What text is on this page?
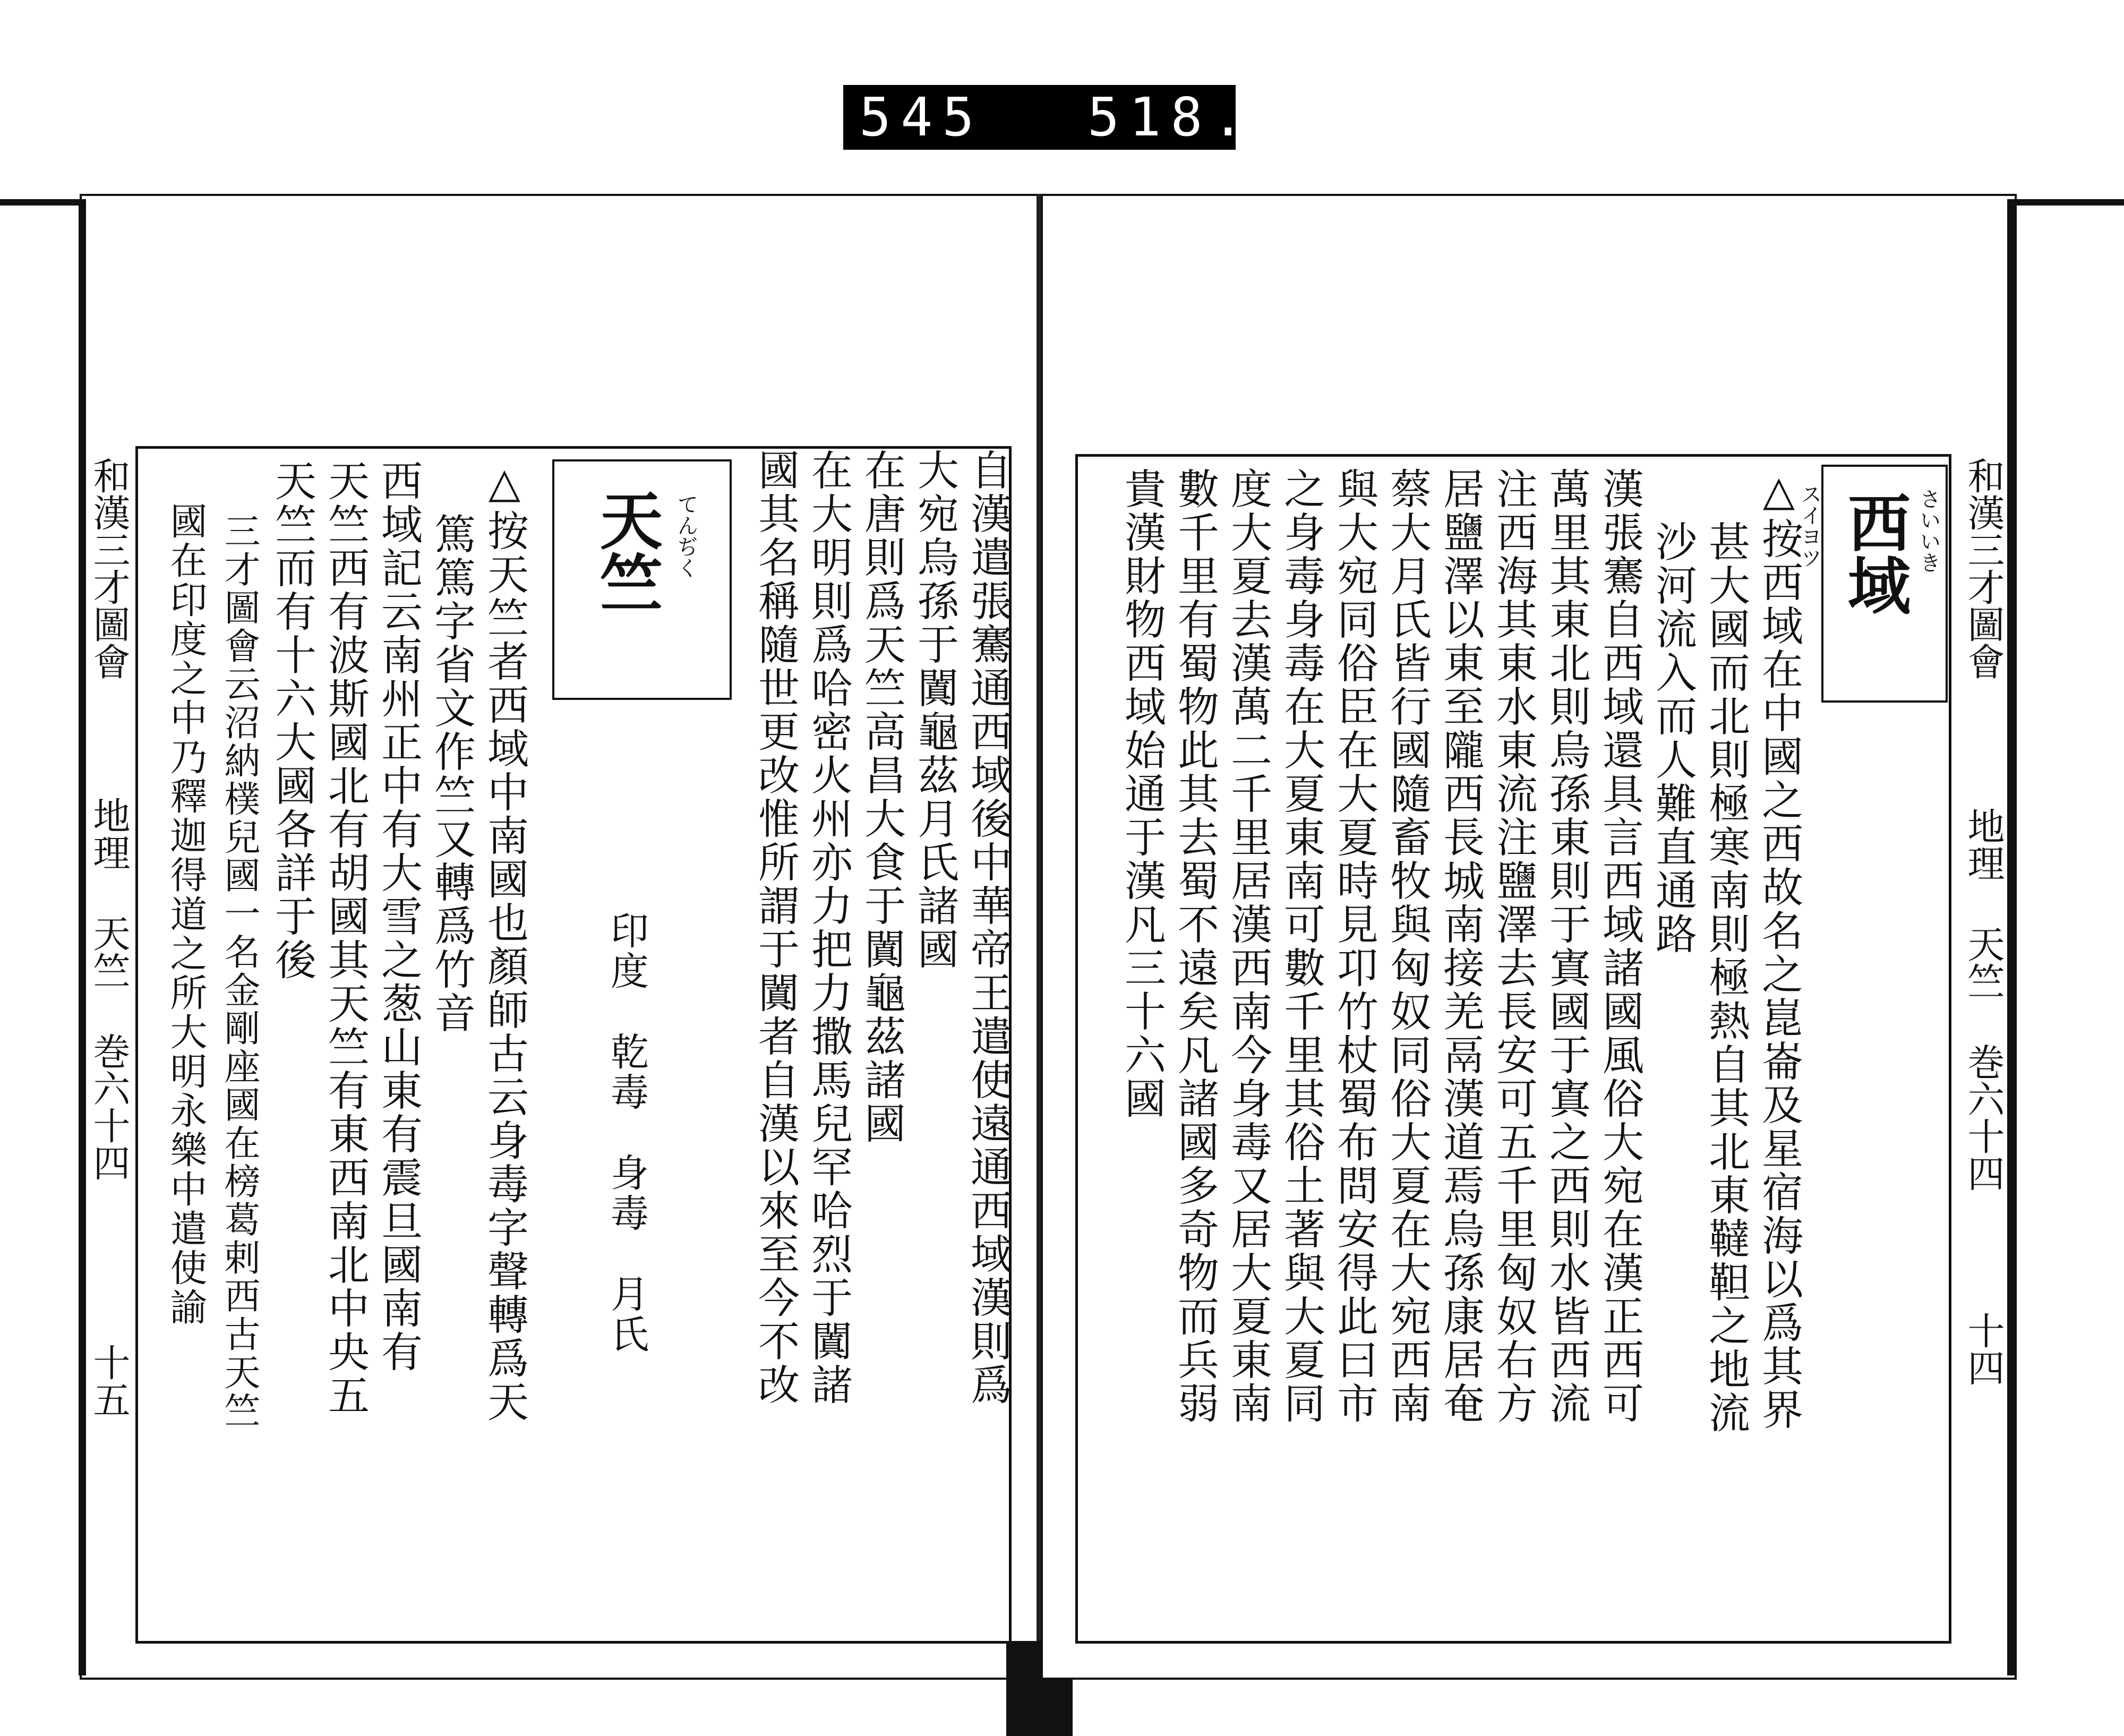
545 518.
和漢三才圖會
地理 天竺 巻六十四
十五	自漢遣張騫通西域後中華帝王遣使遠通西域漢則爲
大宛烏孫于闐龜茲月氏諸國
在唐則爲天竺高昌大食于闐龜茲諸國
在大明則爲哈密火州亦力把力撒馬兒罕哈烈于闐諸
國其名稱隨世更改惟所謂于闐者自漢以來至今不改
天竺 てんぢく
印度　乾毒　身毒　月氏
△按天竺者西域中南國也顏師古云身毒字聲轉爲天
篤篤字省文作竺又轉爲竹音
西域記云南州正中有大雪之葱山東有震旦國南有
天竺西有波斯國北有胡國其天竺有東西南北中央五
天竺而有十六大國各詳于後
三才圖會云沼納樸兒國一名金剛座國在榜葛剌西古天竺
國在印度之中乃釋迦得道之所大明永樂中遣使諭	和漢三才圖會
地理 天竺 巻六十四
十四
西域 さいいき
スイヨツ
△按西域在中國之西故名之崑崙及星宿海以爲其界
甚大國而北則極寒南則極熱自其北東韃靼之地流
沙河流入而人難直通路
漢張騫自西域還具言西域諸國風俗大宛在漢正西可
萬里其東北則烏孫東則于寘國于寘之西則水皆西流
注西海其東水東流注鹽澤去長安可五千里匈奴右方
居鹽澤以東至隴西長城南接羌鬲漢道焉烏孫康居奄
蔡大月氏皆行國隨畜牧與匈奴同俗大夏在大宛西南
與大宛同俗臣在大夏時見卭竹杖蜀布問安得此曰市
之身毒身毒在大夏東南可數千里其俗土著與大夏同
度大夏去漢萬二千里居漢西南今身毒又居大夏東南
數千里有蜀物此其去蜀不遠矣凡諸國多奇物而兵弱
貴漢財物西域始通于漢凡三十六國
